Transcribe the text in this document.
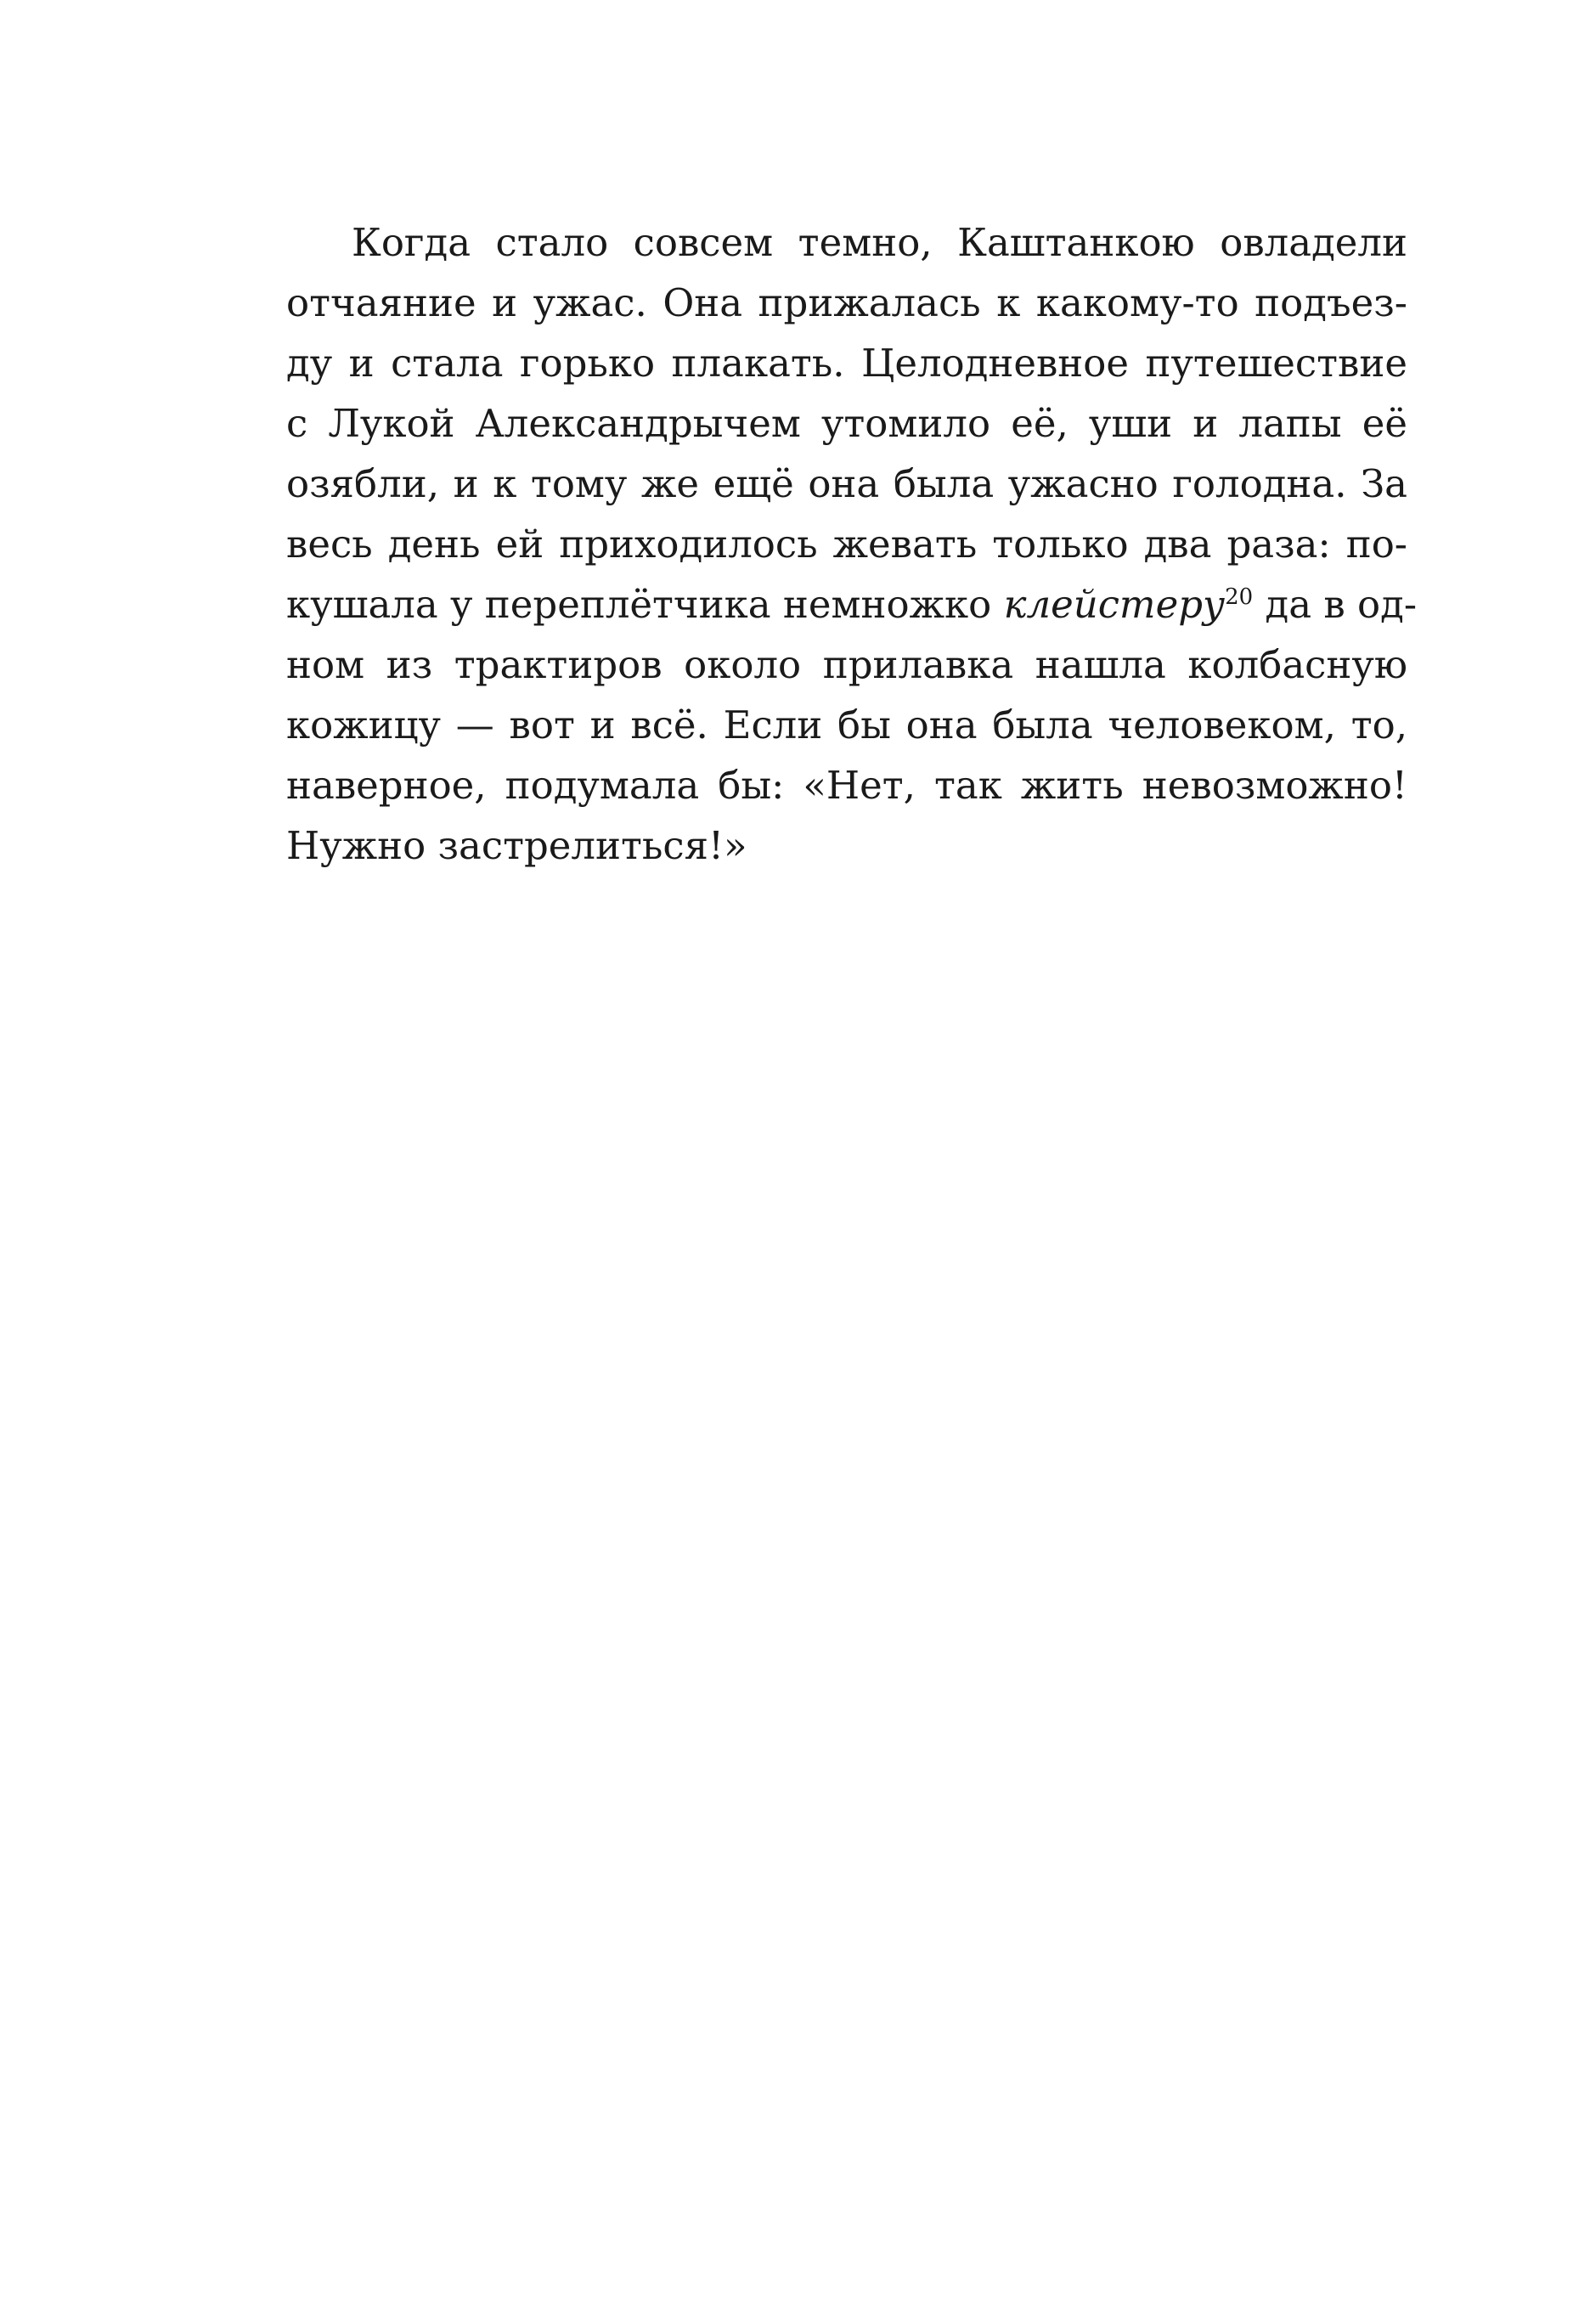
Когда стало совсем темно, Каштанкою овладели
отчаяние и ужас. Она прижалась к какому-то подъез-
ду и стала горько плакать. Целодневное путешествие
с Лукой Александрычем утомило её, уши и лапы её
озябли, и к тому же ещё она была ужасно голодна. За
весь день ей приходилось жевать только два раза: по-
кушала у переплётчика немножко клейстеру$^{20}$ да в од-
ном из трактиров около прилавка нашла колбасную
кожицу — вот и всё. Если бы она была человеком, то,
наверное, подумала бы: «Нет, так жить невозможно!
Нужно застрелиться!»
